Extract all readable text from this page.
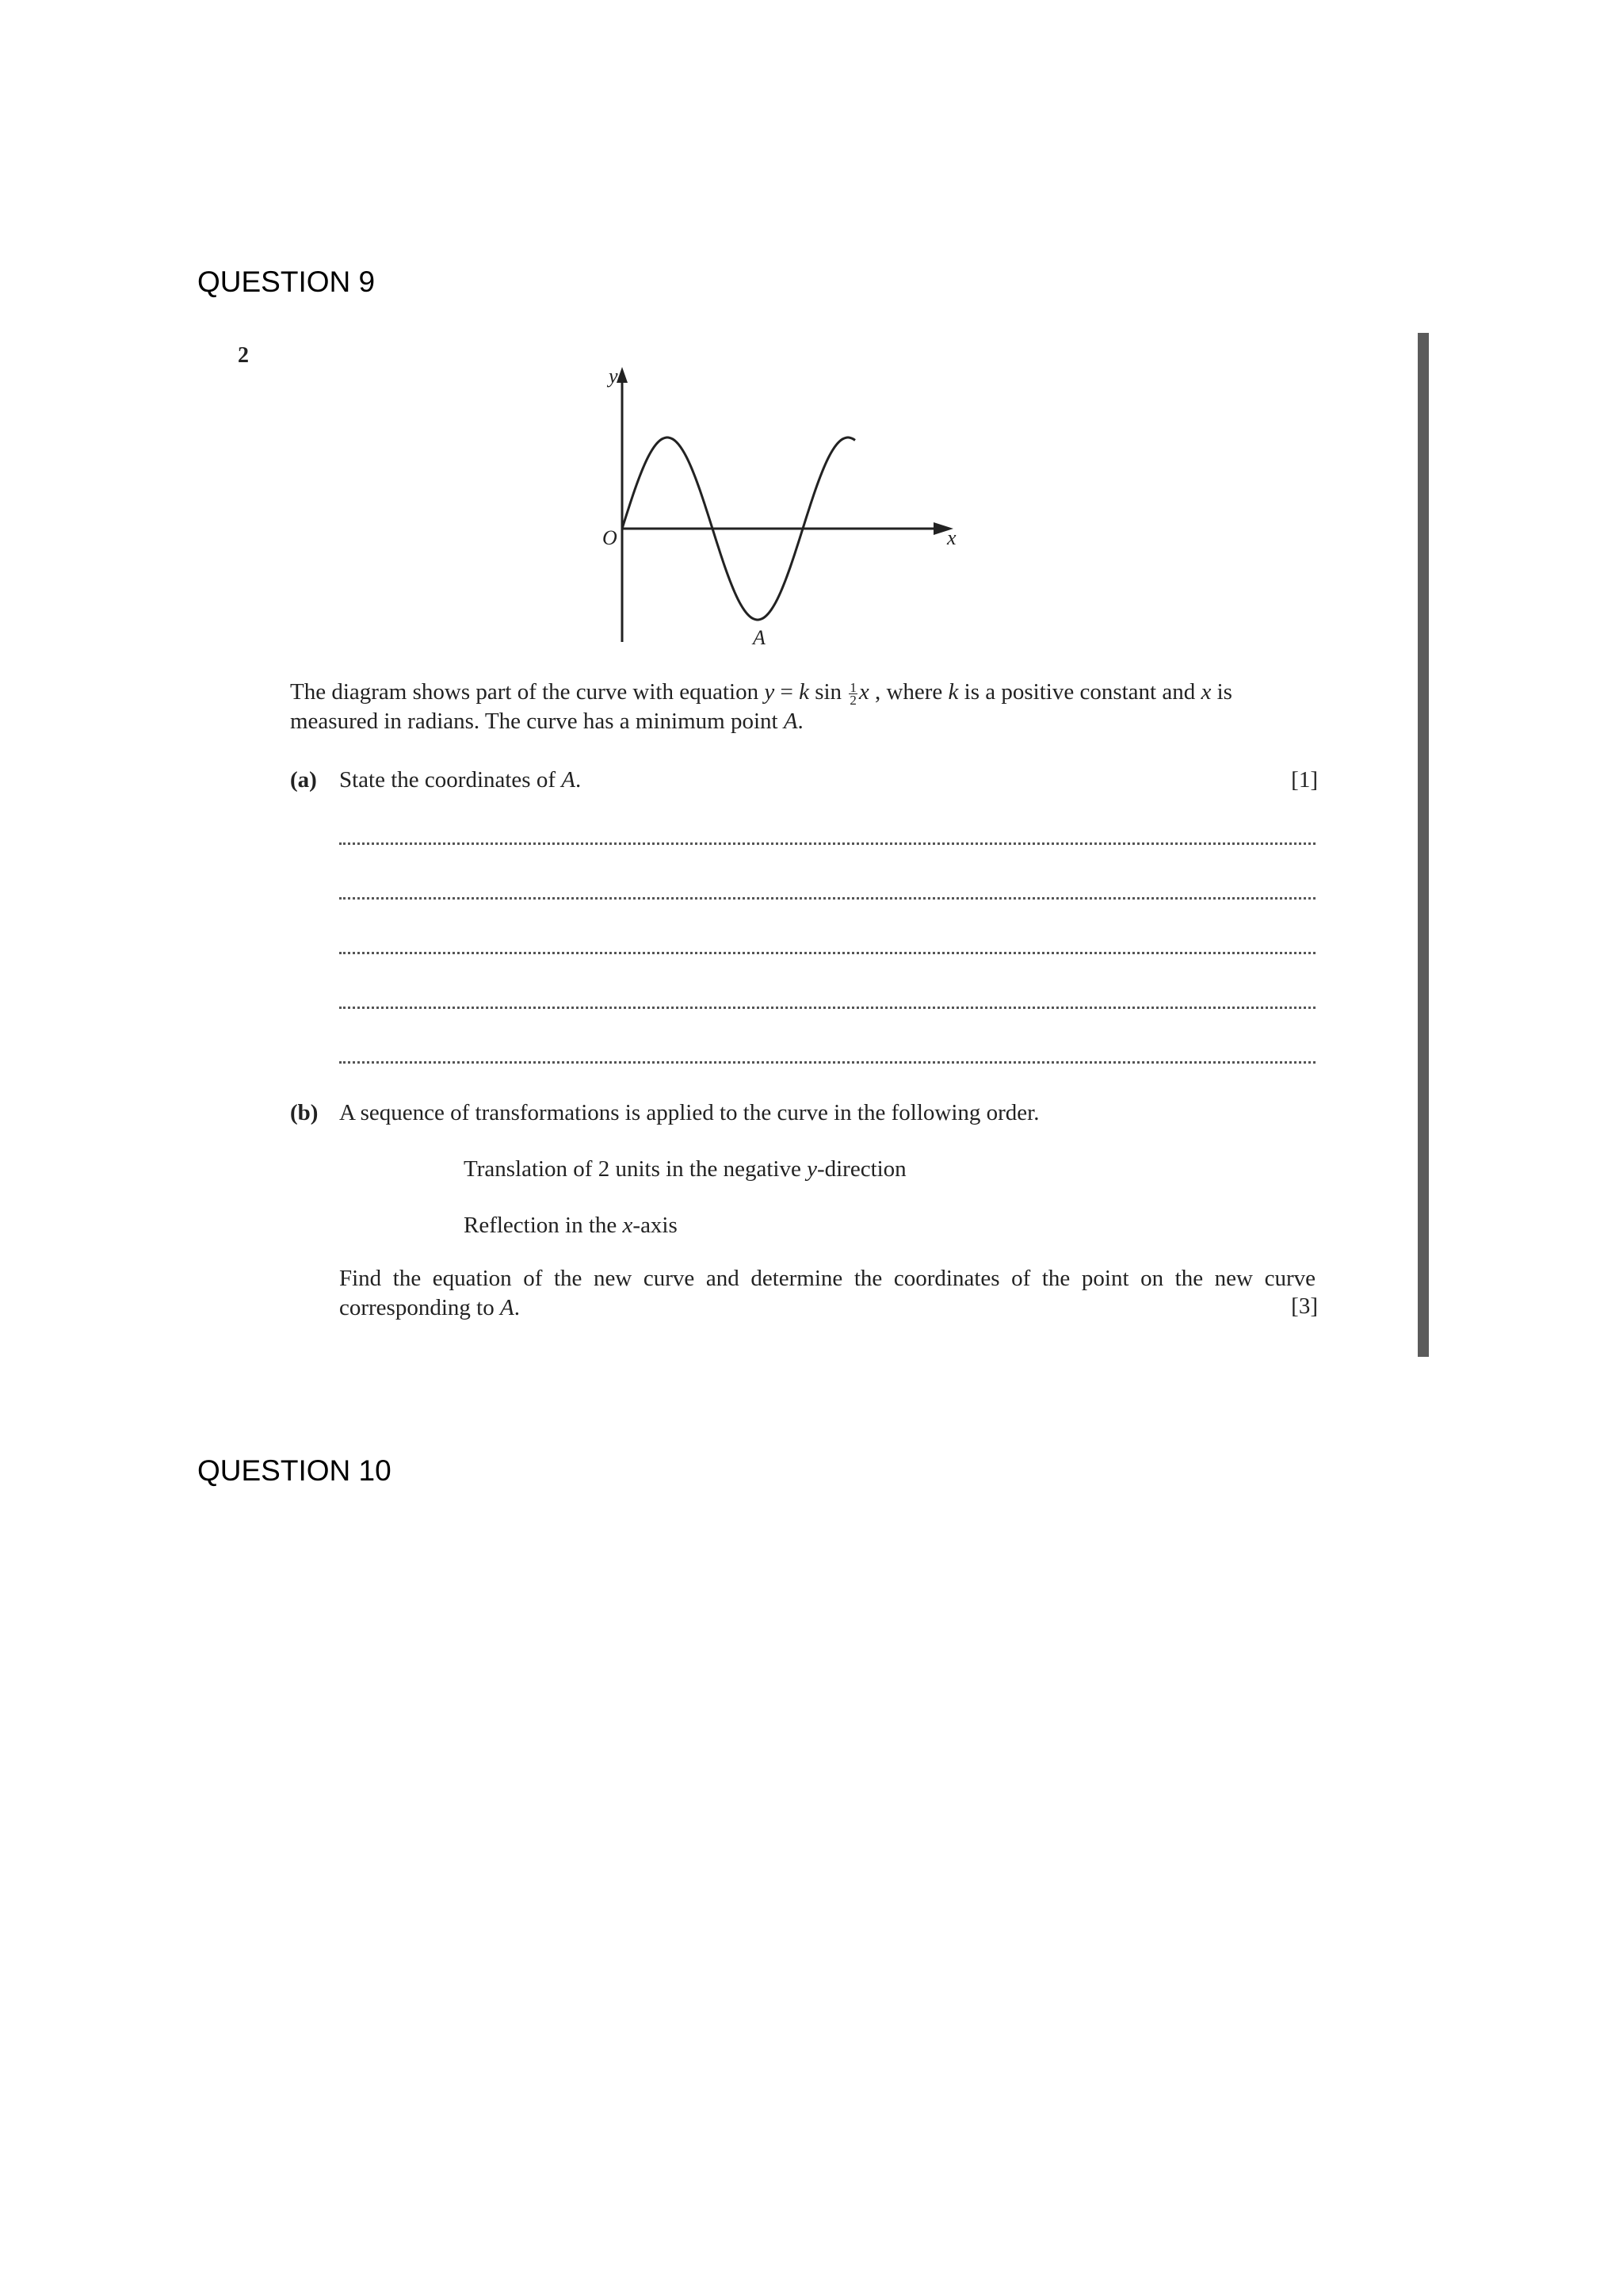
QUESTION 9
2
y
x
O
A
The diagram shows part of the curve with equation y = k $\sin \frac{1}{2}$ x , where k is a positive constant and x is
measured in radians. The curve has a minimum point A.
(a) State the coordinates of A.	[1]
(b) A sequence of transformations is applied to the curve in the following order.
Translation of 2 units in the negative y-direction
Reflection in the x-axis
Find the equation of the new curve and determine the coordinates of the point on the new curve
corresponding to A.	[3]
QUESTION 10
